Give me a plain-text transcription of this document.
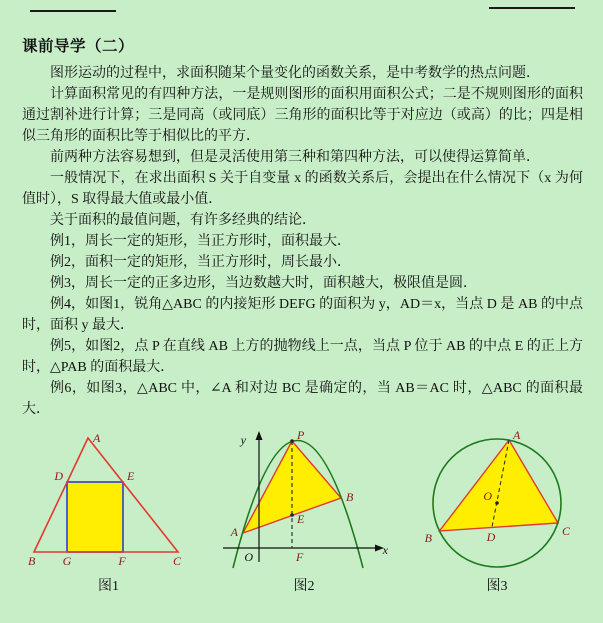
课前导学（二）

图形运动的过程中，求面积随某个量变化的函数关系，是中考数学的热点问题．

计算面积常见的有四种方法，一是规则图形的面积用面积公式；二是不规则图形的面积通过割补进行计算；三是同高（或同底）三角形的面积比等于对应边（或高）的比；四是相似三角形的面积比等于相似比的平方．

前两种方法容易想到，但是灵活使用第三种和第四种方法，可以使得运算简单．

一般情况下，在求出面积 S 关于自变量 x 的函数关系后，会提出在什么情况下（x 为何值时），S 取得最大值或最小值．

关于面积的最值问题，有许多经典的结论．

例1，周长一定的矩形，当正方形时，面积最大．

例2，面积一定的矩形，当正方形时，周长最小．

例3，周长一定的正多边形，当边数越大时，面积越大，极限值是圆．

例4，如图1，锐角△ABC 的内接矩形 DEFG 的面积为 y，AD＝x，当点 D 是 AB 的中点时，面积 y 最大．

例5，如图2，点 P 在直线 AB 上方的抛物线上一点，当点 P 位于 AB 的中点 E 的正上方时，△PAB 的面积最大．

例6，如图3，△ABC 中，∠A 和对边 BC 是确定的，当 AB＝AC 时，△ABC 的面积最大．

A
D	E
B G	F	C
图1
y	P
B
A
E
O	F	x
图2
A
O
B	D	C
图3
